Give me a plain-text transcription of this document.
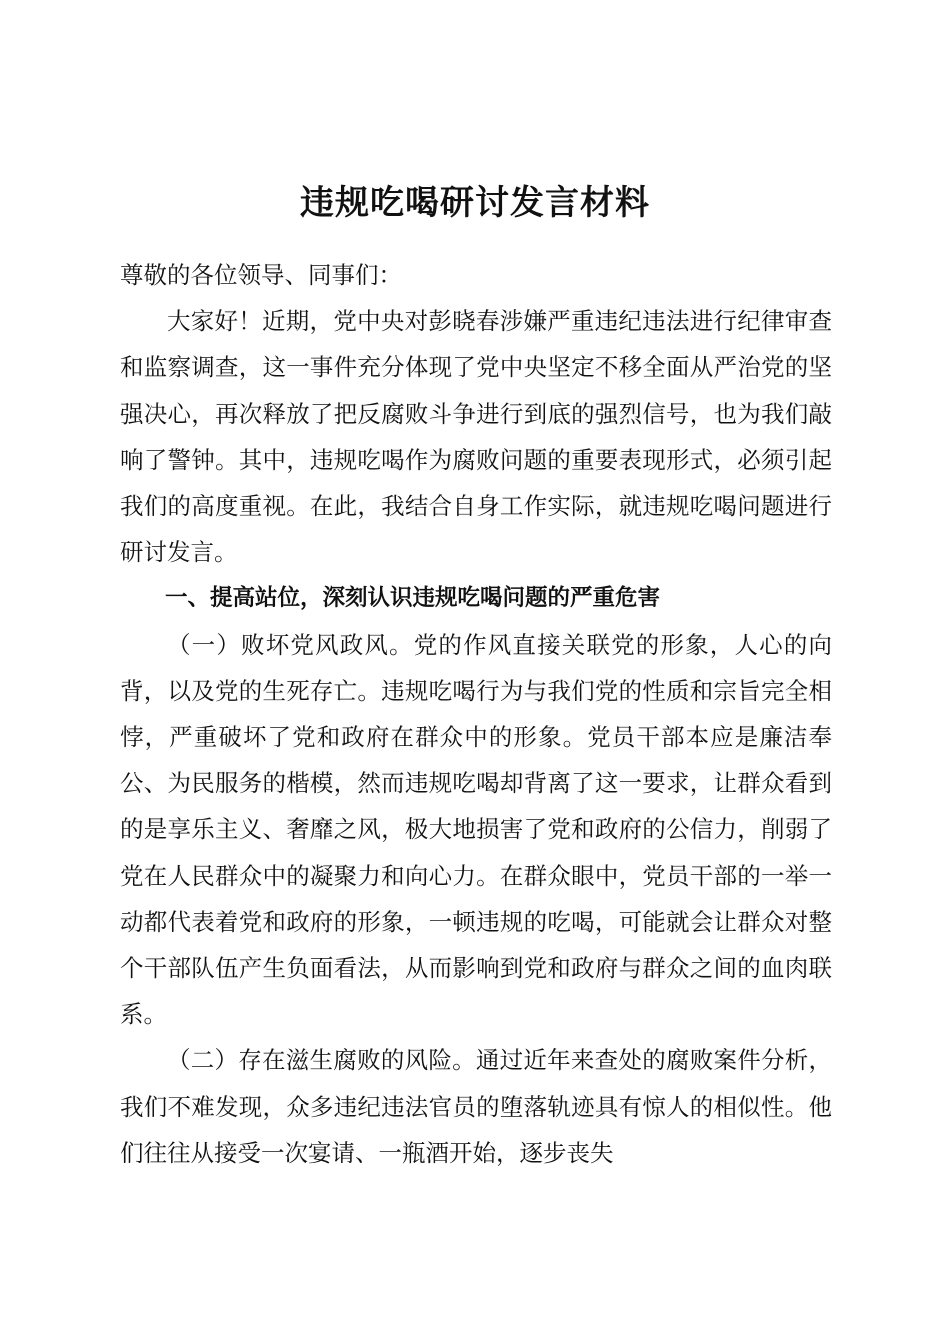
违规吃喝研讨发言材料

尊敬的各位领导、同事们：

大家好！近期，党中央对彭晓春涉嫌严重违纪违法进行纪律审查和监察调查，这一事件充分体现了党中央坚定不移全面从严治党的坚强决心，再次释放了把反腐败斗争进行到底的强烈信号，也为我们敲响了警钟。其中，违规吃喝作为腐败问题的重要表现形式，必须引起我们的高度重视。在此，我结合自身工作实际，就违规吃喝问题进行研讨发言。

一、提高站位，深刻认识违规吃喝问题的严重危害

（一）败坏党风政风。党的作风直接关联党的形象，人心的向背，以及党的生死存亡。违规吃喝行为与我们党的性质和宗旨完全相悖，严重破坏了党和政府在群众中的形象。党员干部本应是廉洁奉公、为民服务的楷模，然而违规吃喝却背离了这一要求，让群众看到的是享乐主义、奢靡之风，极大地损害了党和政府的公信力，削弱了党在人民群众中的凝聚力和向心力。在群众眼中，党员干部的一举一动都代表着党和政府的形象，一顿违规的吃喝，可能就会让群众对整个干部队伍产生负面看法，从而影响到党和政府与群众之间的血肉联系。

（二）存在滋生腐败的风险。通过近年来查处的腐败案件分析，我们不难发现，众多违纪违法官员的堕落轨迹具有惊人的相似性。他们往往从接受一次宴请、一瓶酒开始，逐步丧失
